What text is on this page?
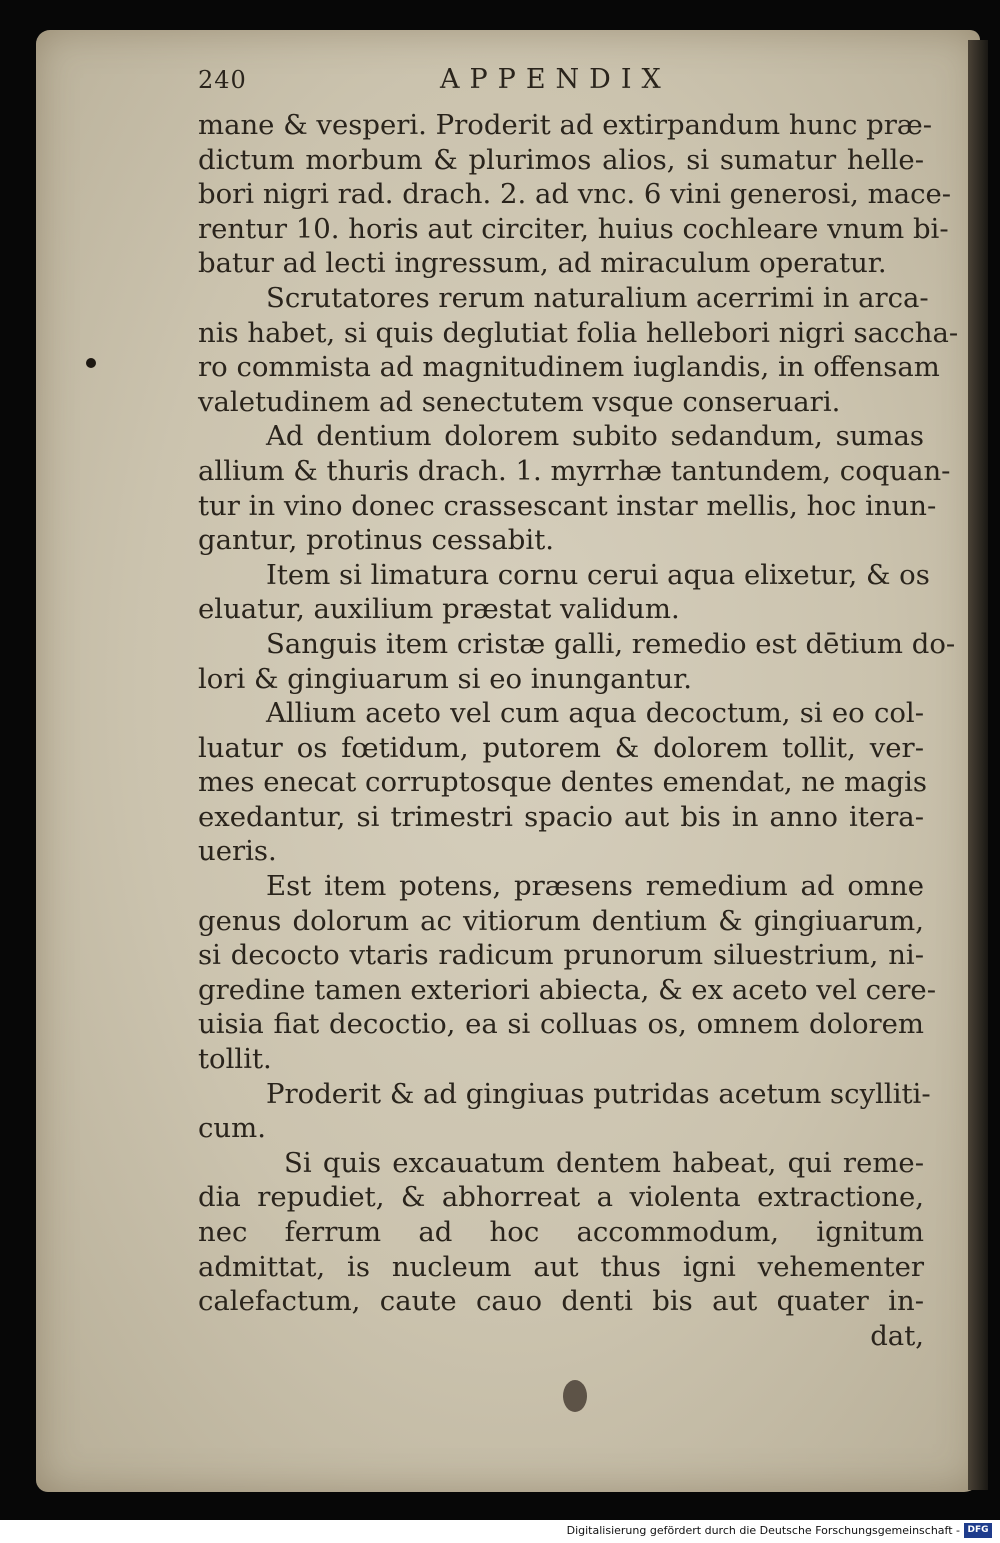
240	APPENDIX
mane & vesperi. Proderit ad extirpandum hunc præ-
dictum morbum & plurimos alios, si sumatur helle-
bori nigri rad. drach. 2. ad vnc. 6 vini generosi, mace-
rentur 10. horis aut circiter, huius cochleare vnum bi-
batur ad lecti ingressum, ad miraculum operatur.
Scrutatores rerum naturalium acerrimi in arca-
nis habet, si quis deglutiat folia hellebori nigri saccha-
ro commista ad magnitudinem iuglandis, in offensam
valetudinem ad senectutem vsque conseruari.
Ad dentium dolorem subito sedandum, sumas
allium & thuris drach. 1. myrrhæ tantundem, coquan-
tur in vino donec crassescant instar mellis, hoc inun-
gantur, protinus cessabit.
Item si limatura cornu cerui aqua elixetur, & os
eluatur, auxilium præstat validum.
Sanguis item cristæ galli, remedio est dētium do-
lori & gingiuarum si eo inungantur.
Allium aceto vel cum aqua decoctum, si eo col-
luatur os fœtidum, putorem & dolorem tollit, ver-
mes enecat corruptosque dentes emendat, ne magis
exedantur, si trimestri spacio aut bis in anno itera-
ueris.
Est item potens, præsens remedium ad omne
genus dolorum ac vitiorum dentium & gingiuarum,
si decocto vtaris radicum prunorum siluestrium, ni-
gredine tamen exteriori abiecta, & ex aceto vel cere-
uisia fiat decoctio, ea si colluas os, omnem dolorem
tollit.
Proderit & ad gingiuas putridas acetum scylliti-
cum.
Si quis excauatum dentem habeat, qui reme-
dia repudiet, & abhorreat a violenta extractione,
nec ferrum ad hoc accommodum, ignitum
admittat, is nucleum aut thus igni vehementer
calefactum, caute cauo denti bis aut quater in-
dat,
Digitalisierung gefördert durch die Deutsche Forschungsgemeinschaft - DFG
